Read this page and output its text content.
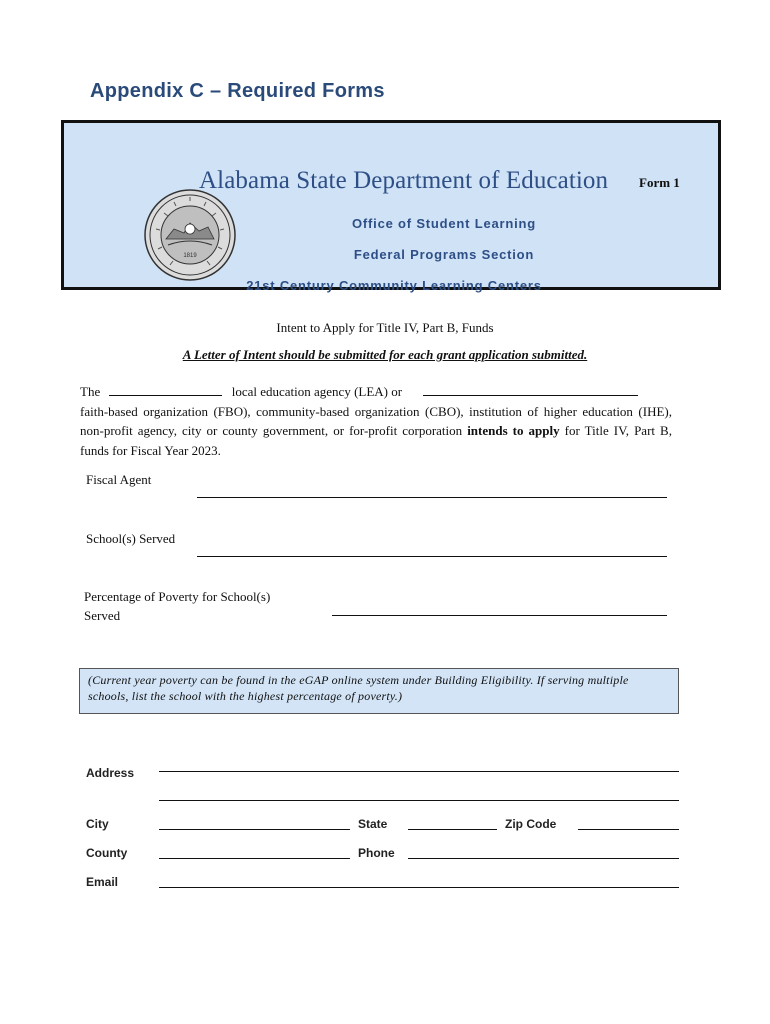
Appendix C – Required Forms
1819
Alabama State Department of Education Form 1
Office of Student Learning
Federal Programs Section
21st Century Community Learning Centers
Intent to Apply for Title IV, Part B, Funds
A Letter of Intent should be submitted for each grant application submitted.
The	local education agency (LEA) or
faith-based organization (FBO), community-based organization (CBO), institution of higher education (IHE), non-profit agency, city or county government, or for-profit corporation intends to apply for Title IV, Part B, funds for Fiscal Year 2023.
Fiscal Agent
School(s) Served
Percentage of Poverty for School(s)
Served
(Current year poverty can be found in the eGAP online system under Building Eligibility. If serving multiple schools, list the school with the highest percentage of poverty.)
Address
City	State	Zip Code
County	Phone
Email
